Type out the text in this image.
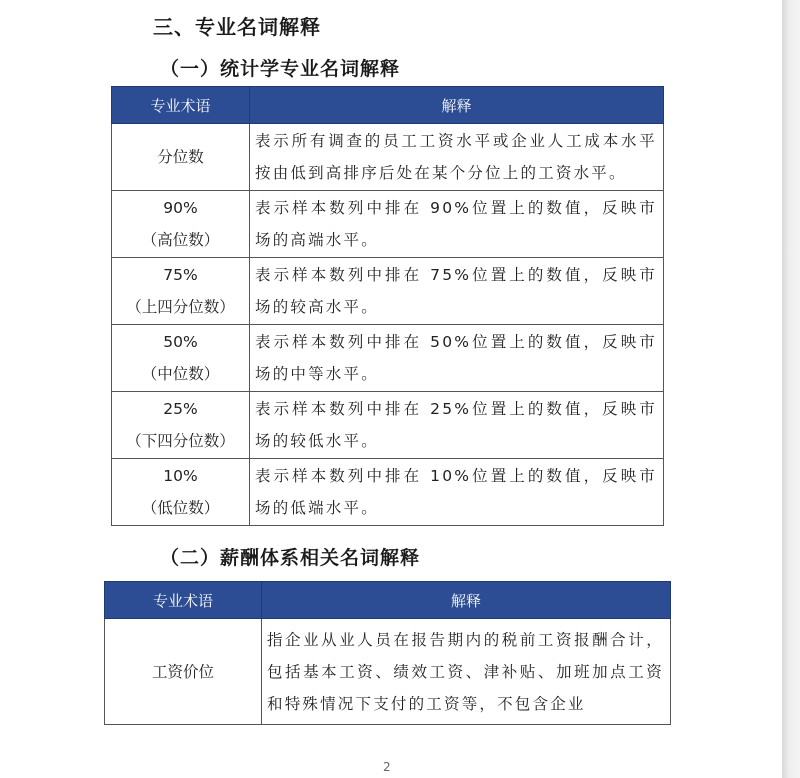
三、专业名词解释
（一）统计学专业名词解释
专业术语	解释

分位数	表示所有调查的员工工资水平或企业人工成本水平按由低到高排序后处在某个分位上的工资水平。

90%
（高位数）	表示样本数列中排在 90%位置上的数值，反映市场的高端水平。

75%
（上四分位数）	表示样本数列中排在 75%位置上的数值，反映市场的较高水平。

50%
（中位数）	表示样本数列中排在 50%位置上的数值，反映市场的中等水平。

25%
（下四分位数）	表示样本数列中排在 25%位置上的数值，反映市场的较低水平。

10%
（低位数）	表示样本数列中排在 10%位置上的数值，反映市场的低端水平。
（二）薪酬体系相关名词解释
专业术语	解释

工资价位	指企业从业人员在报告期内的税前工资报酬合计，包括基本工资、绩效工资、津补贴、加班加点工资和特殊情况下支付的工资等，不包含企业
2
